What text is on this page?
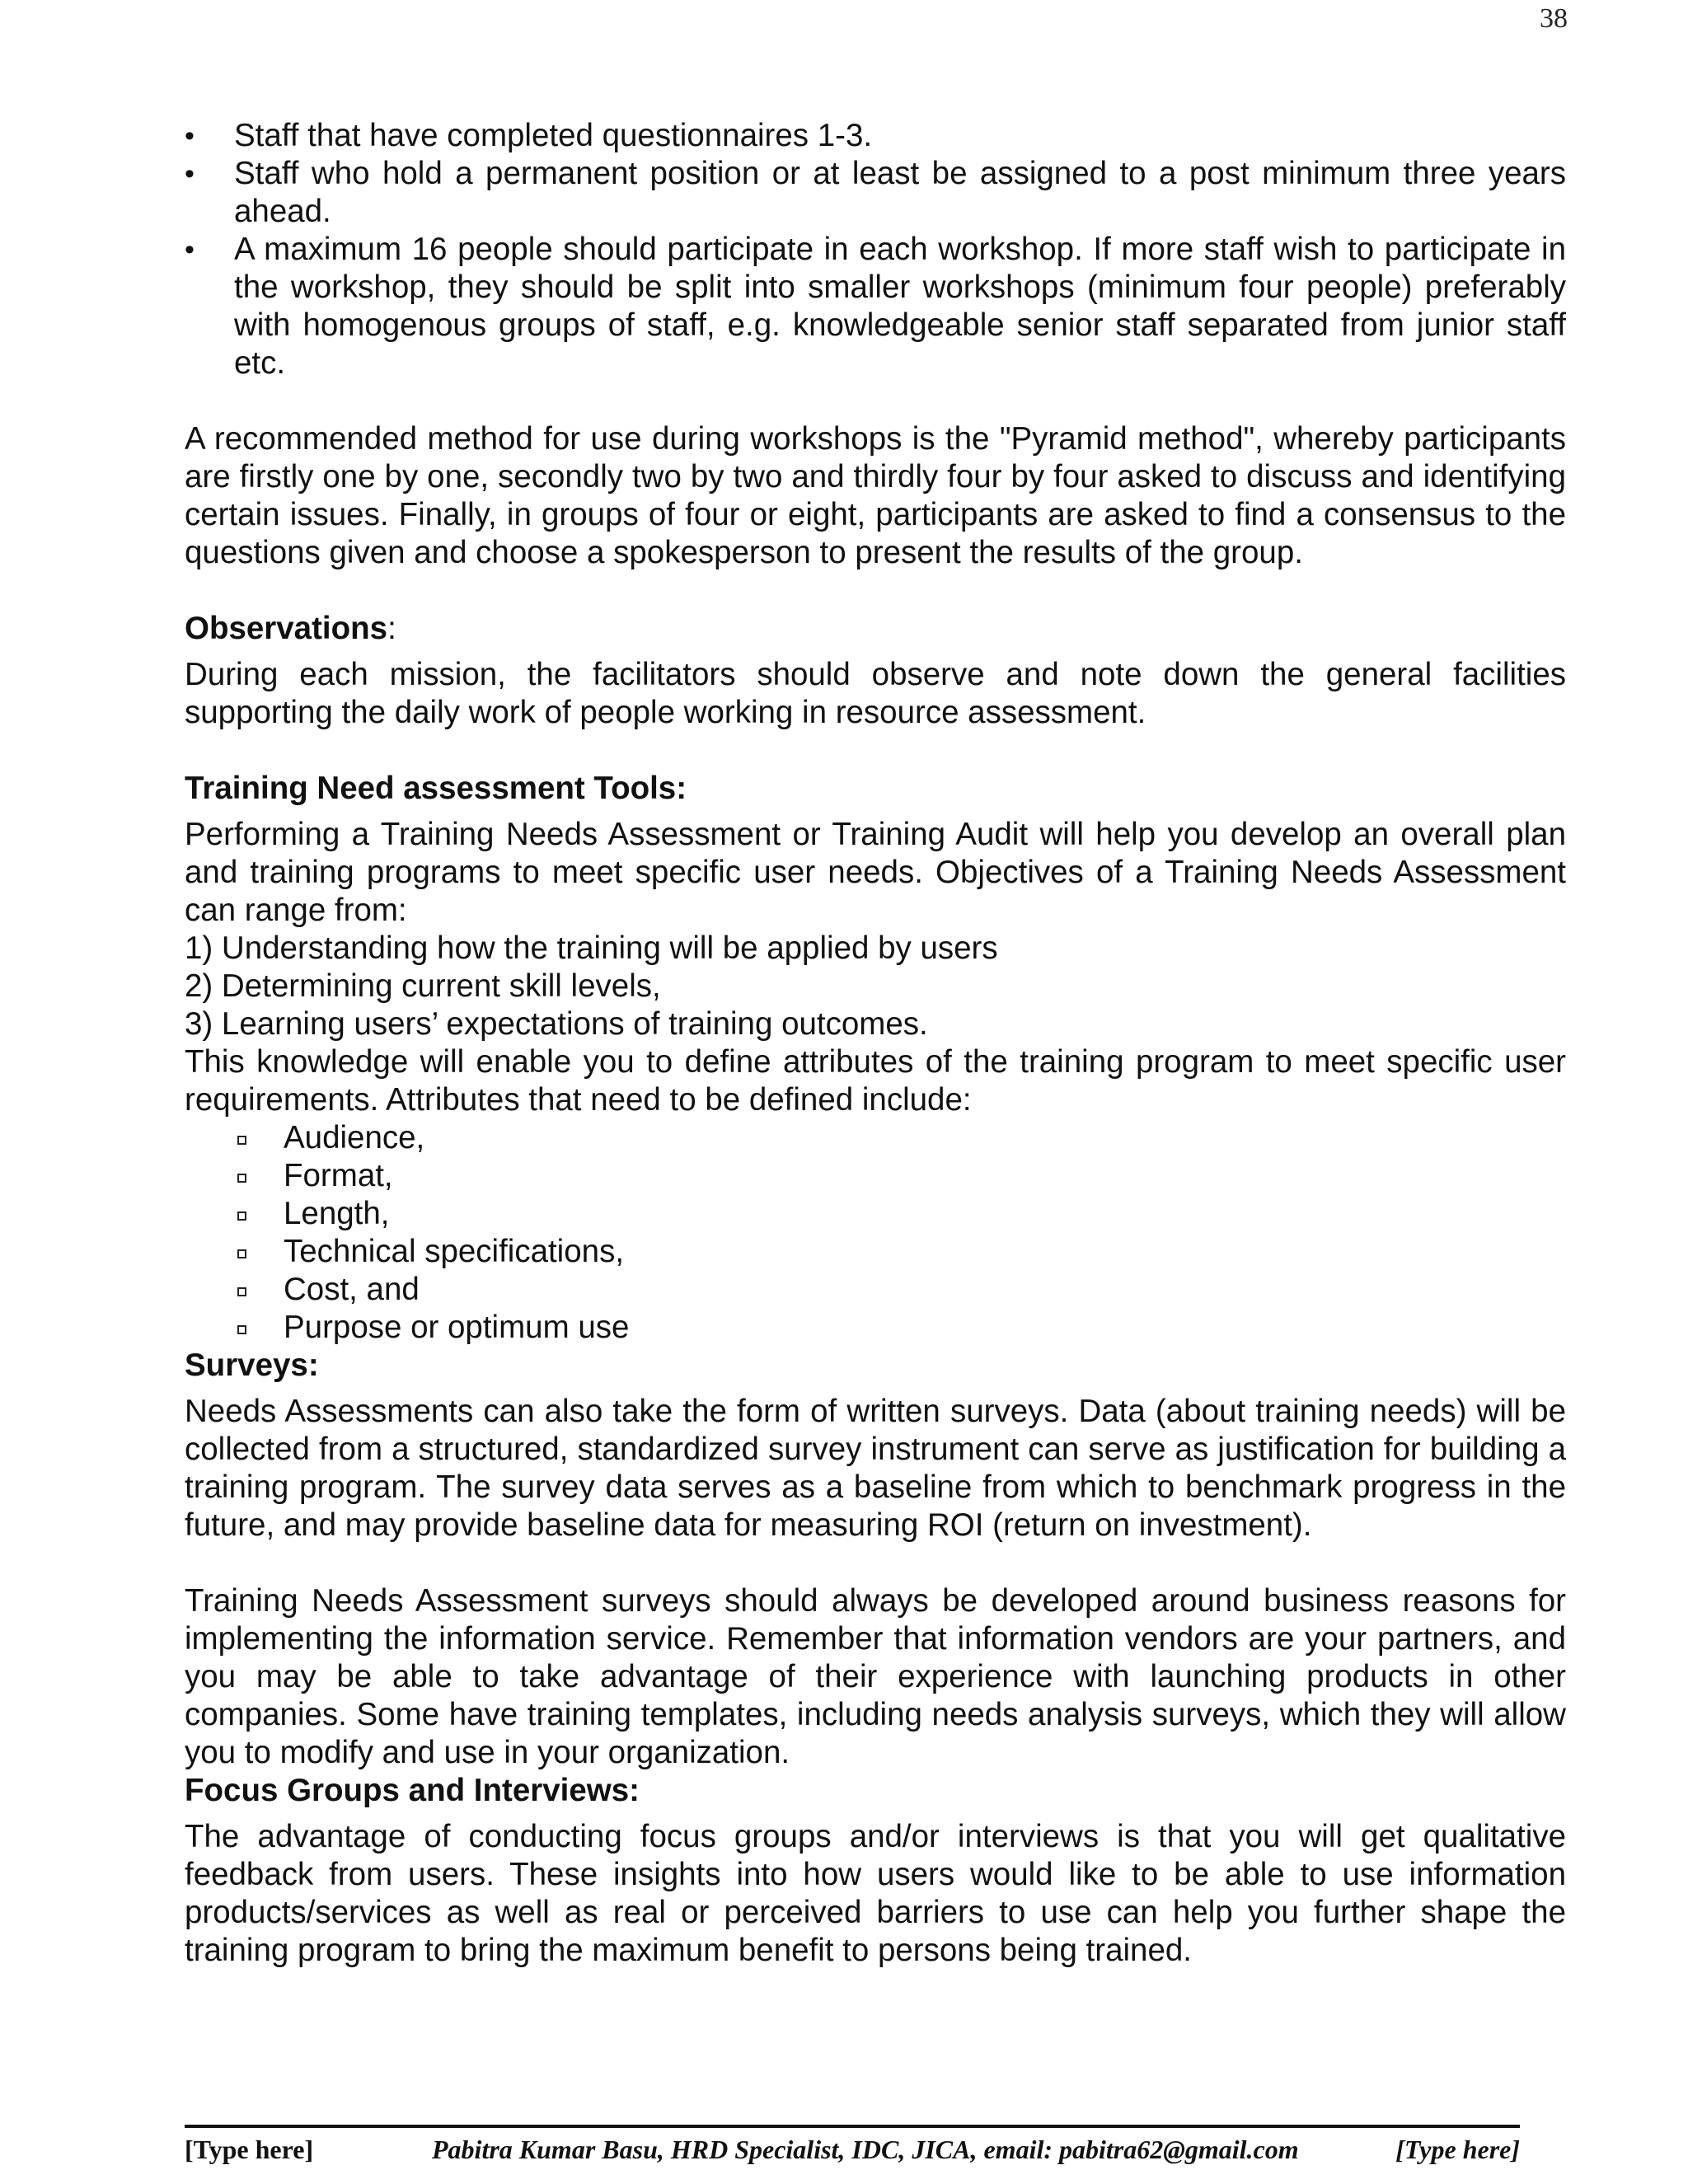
38
• Staff that have completed questionnaires 1-3.
• Staff who hold a permanent position or at least be assigned to a post minimum three years ahead.
• A maximum 16 people should participate in each workshop. If more staff wish to participate in the workshop, they should be split into smaller workshops (minimum four people) preferably with homogenous groups of staff, e.g. knowledgeable senior staff separated from junior staff etc.

A recommended method for use during workshops is the "Pyramid method", whereby participants are firstly one by one, secondly two by two and thirdly four by four asked to discuss and identifying certain issues. Finally, in groups of four or eight, participants are asked to find a consensus to the questions given and choose a spokesperson to present the results of the group.

Observations:

During each mission, the facilitators should observe and note down the general facilities supporting the daily work of people working in resource assessment.

Training Need assessment Tools:

Performing a Training Needs Assessment or Training Audit will help you develop an overall plan and training programs to meet specific user needs. Objectives of a Training Needs Assessment can range from:

1) Understanding how the training will be applied by users

2) Determining current skill levels,

3) Learning users’ expectations of training outcomes.

This knowledge will enable you to define attributes of the training program to meet specific user requirements. Attributes that need to be defined include:

Audience,
Format,
Length,
Technical specifications,
Cost, and
Purpose or optimum use

Surveys:

Needs Assessments can also take the form of written surveys. Data (about training needs) will be collected from a structured, standardized survey instrument can serve as justification for building a training program. The survey data serves as a baseline from which to benchmark progress in the future, and may provide baseline data for measuring ROI (return on investment).

Training Needs Assessment surveys should always be developed around business reasons for implementing the information service. Remember that information vendors are your partners, and you may be able to take advantage of their experience with launching products in other companies. Some have training templates, including needs analysis surveys, which they will allow you to modify and use in your organization.

Focus Groups and Interviews:

The advantage of conducting focus groups and/or interviews is that you will get qualitative feedback from users. These insights into how users would like to be able to use information products/services as well as real or perceived barriers to use can help you further shape the training program to bring the maximum benefit to persons being trained.

[Type here]	Pabitra Kumar Basu, HRD Specialist, IDC, JICA, email: pabitra62@gmail.com	[Type here]
